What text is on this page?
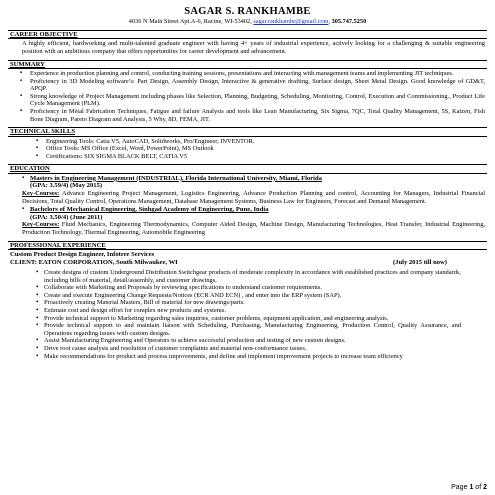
SAGAR S. RANKHAMBE
4036 N Main Street Apt.A-6, Racine, WI-53402, sagar.rankhambe@gmail.com, 305.747.5250
CAREER OBJECTIVE
A highly efficient, hardworking and multi-talented graduate engineer with having 4+ years of industrial experience, actively looking for a challenging & suitable engineering position with an ambitious company that offers opportunities for career development and advancement.
SUMMARY
▪ Experience in production planning and control, conducting training sessions, presentations and interacting with management teams and implementing JIT techniques.
▪ Proficiency in 3D Modeling software’s: Part Design, Assembly Design, Interactive & generative drafting, Surface design, Sheet Metal Design. Good knowledge of GD&T, APQP.
▪ Strong knowledge of Project Management including phases like Selection, Planning, Budgeting, Scheduling, Monitoring, Control, Execution and Commissioning., Product Life Cycle Management (PLM).
▪ Proficiency in Metal Fabrication Techniques, Fatigue and failure Analysis and tools like Lean Manufacturing, Six Sigma, 7QC, Total Quality Management, 5S, Kaizen, Fish Bone Diagram, Pareto Diagram and Analysis, 5 Why, 8D, FEMA, JIT.
TECHNICAL SKILLS
▪ Engineering Tools: Catia V5, AutoCAD, Solidworks, Pro/Engineer, INVENTOR.
▪ Office Tools: MS Office (Excel, Word, PowerPoint), MS Outlook
▪ Certifications: SIX SIGMA BLACK BELT, CATIA V5
EDUCATION
▪ Masters in Engineering Management (INDUSTRIAL), Florida International University, Miami, Florida
(GPA: 3.59/4) (May 2015)
Key-Courses: Advance Engineering Project Management, Logistics Engineering, Advance Production Planning and control, Accounting for Managers, Industrial Financial Decisions, Total Quality Control, Operations Management, Database Management Systems, Business Law for Engineers, Forecast and Demand Management.
▪ Bachelors of Mechanical Engineering, Sinhgad Academy of Engineering, Pune, India
(GPA: 3.50/4) (June 2011)
Key-Courses: Fluid Mechanics, Engineering Thermodynamics, Computer Aided Design, Machine Design, Manufacturing Technologies, Heat Transfer, Industrial Engineering, Production Technology, Thermal Engineering, Automobile Engineering
PROFESSIONAL EXPERIENCE
Custom Product Design Engineer, Infotree Services
CLIENT: EATON CORPORATION, South Milwaukee, WI	(July 2015 till now)
• Create designs of custom Underground Distribution Switchgear products of moderate complexity in accordance with established practices and company standards, including bills of material, detail/assembly, and customer drawings.
• Collaborate with Marketing and Proposals by reviewing specifications to understand customer requirements.
• Create and execute Engineering Change Requests/Notices (ECR AND ECN) , and enter into the ERP system (SAP).
• Proactively creating Material Masters, Bill of material for new drawings/parts.
• Estimate cost and design effort for complex new products and systems.
• Provide technical support to Marketing regarding sales inquiries, customer problems, equipment application, and engineering analysis.
• Provide technical support to and maintain liaison with Scheduling, Purchasing, Manufacturing Engineering, Production Control, Quality Assurance, and Operations regarding issues with custom designs.
• Assist Manufacturing Engineering and Operators to achieve successful production and testing of new custom designs.
• Drive root cause analysis and resolution of customer complaints and material non-conformance issues.
• Make recommendations for product and process improvements, and define and implement improvement projects to increase team efficiency
Page 1 of 2
